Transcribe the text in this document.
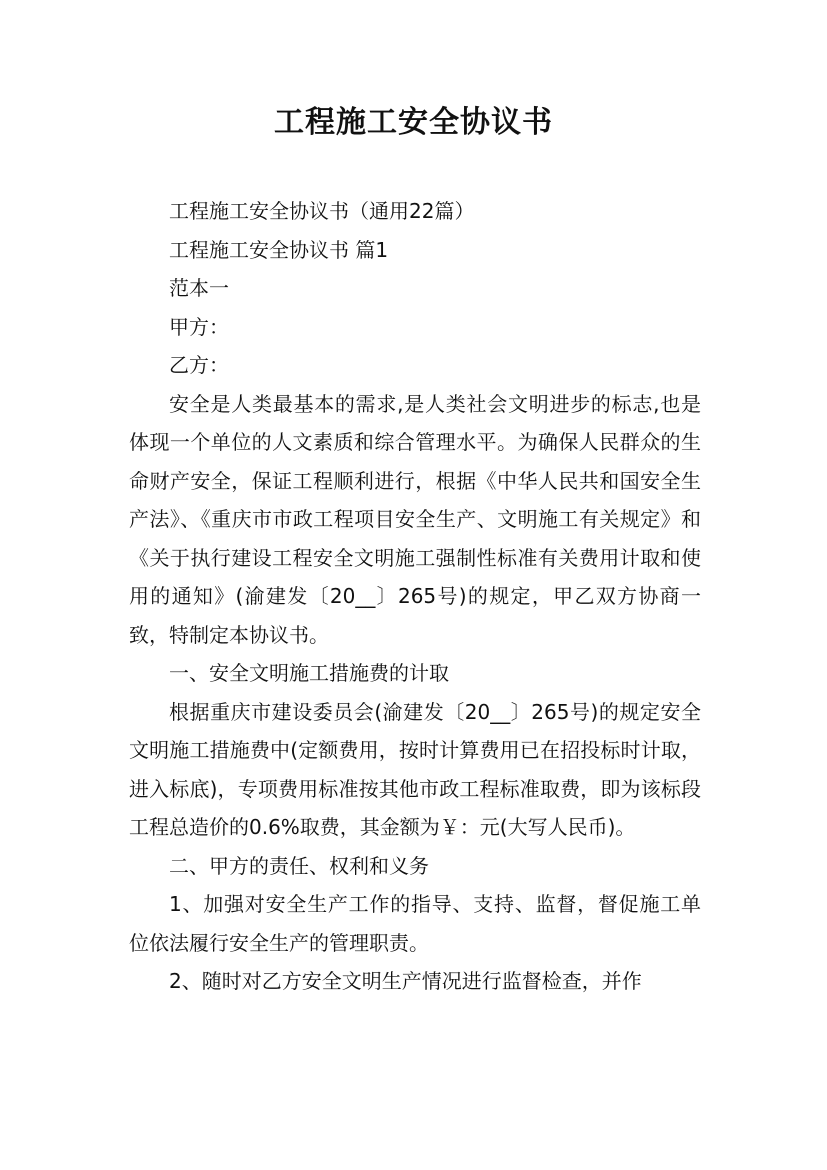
工程施工安全协议书

工程施工安全协议书（通用22篇）

工程施工安全协议书 篇1

范本一

甲方：

乙方：

安全是人类最基本的需求,是人类社会文明进步的标志,也是体现一个单位的人文素质和综合管理水平。为确保人民群众的生命财产安全，保证工程顺利进行，根据《中华人民共和国安全生产法》、《重庆市市政工程项目安全生产、文明施工有关规定》和《关于执行建设工程安全文明施工强制性标准有关费用计取和使用的通知》(渝建发〔20__〕265号)的规定，甲乙双方协商一致，特制定本协议书。

一、安全文明施工措施费的计取

根据重庆市建设委员会(渝建发〔20__〕265号)的规定安全文明施工措施费中(定额费用，按时计算费用已在招投标时计取，进入标底)，专项费用标准按其他市政工程标准取费，即为该标段工程总造价的0.6%取费，其金额为￥：元(大写人民币)。

二、甲方的责任、权利和义务

1、加强对安全生产工作的指导、支持、监督，督促施工单位依法履行安全生产的管理职责。

2、随时对乙方安全文明生产情况进行监督检查，并作
